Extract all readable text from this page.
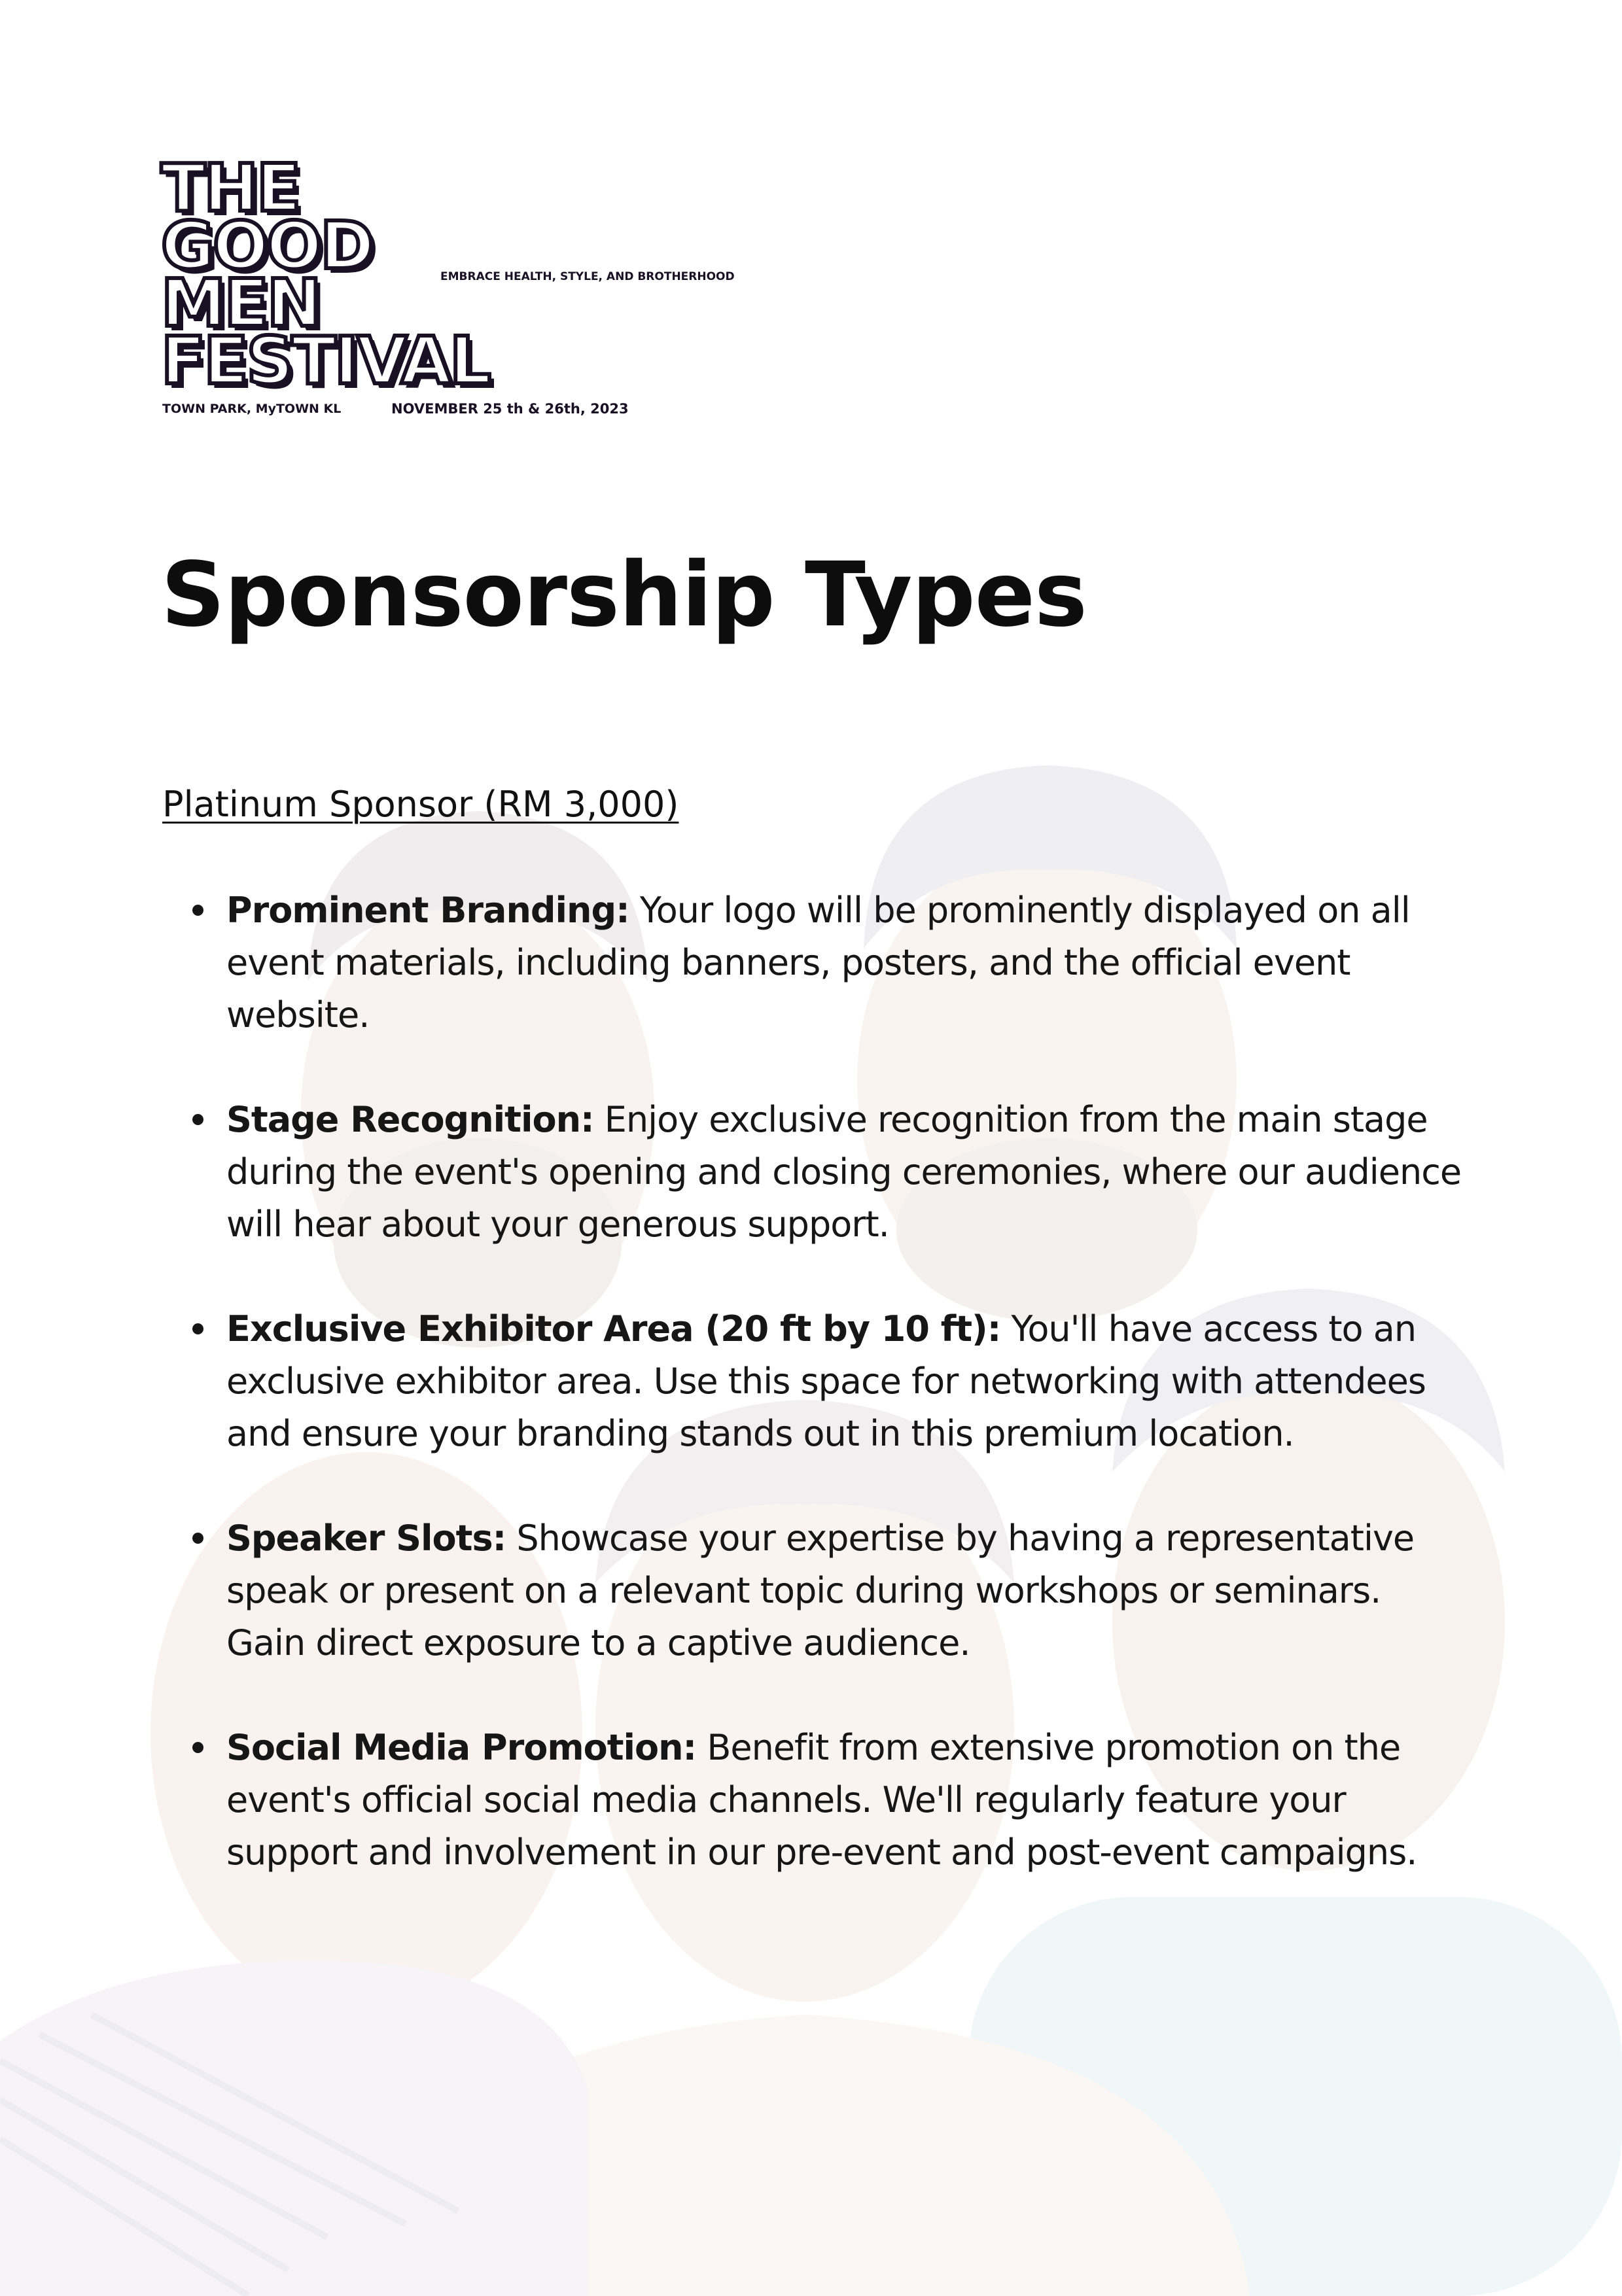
THE
GOOD
MEN
FESTIVAL
EMBRACE HEALTH, STYLE, AND BROTHERHOOD
TOWN PARK, MyTOWN KL	NOVEMBER 25 th & 26th, 2023
Sponsorship Types
Platinum Sponsor (RM 3,000)
Prominent Branding: Your logo will be prominently displayed on all event materials, including banners, posters, and the official event website.
Stage Recognition: Enjoy exclusive recognition from the main stage during the event's opening and closing ceremonies, where our audience will hear about your generous support.
Exclusive Exhibitor Area (20 ft by 10 ft): You'll have access to an exclusive exhibitor area. Use this space for networking with attendees and ensure your branding stands out in this premium location.
Speaker Slots: Showcase your expertise by having a representative speak or present on a relevant topic during workshops or seminars. Gain direct exposure to a captive audience.
Social Media Promotion: Benefit from extensive promotion on the event's official social media channels. We'll regularly feature your support and involvement in our pre-event and post-event campaigns.
